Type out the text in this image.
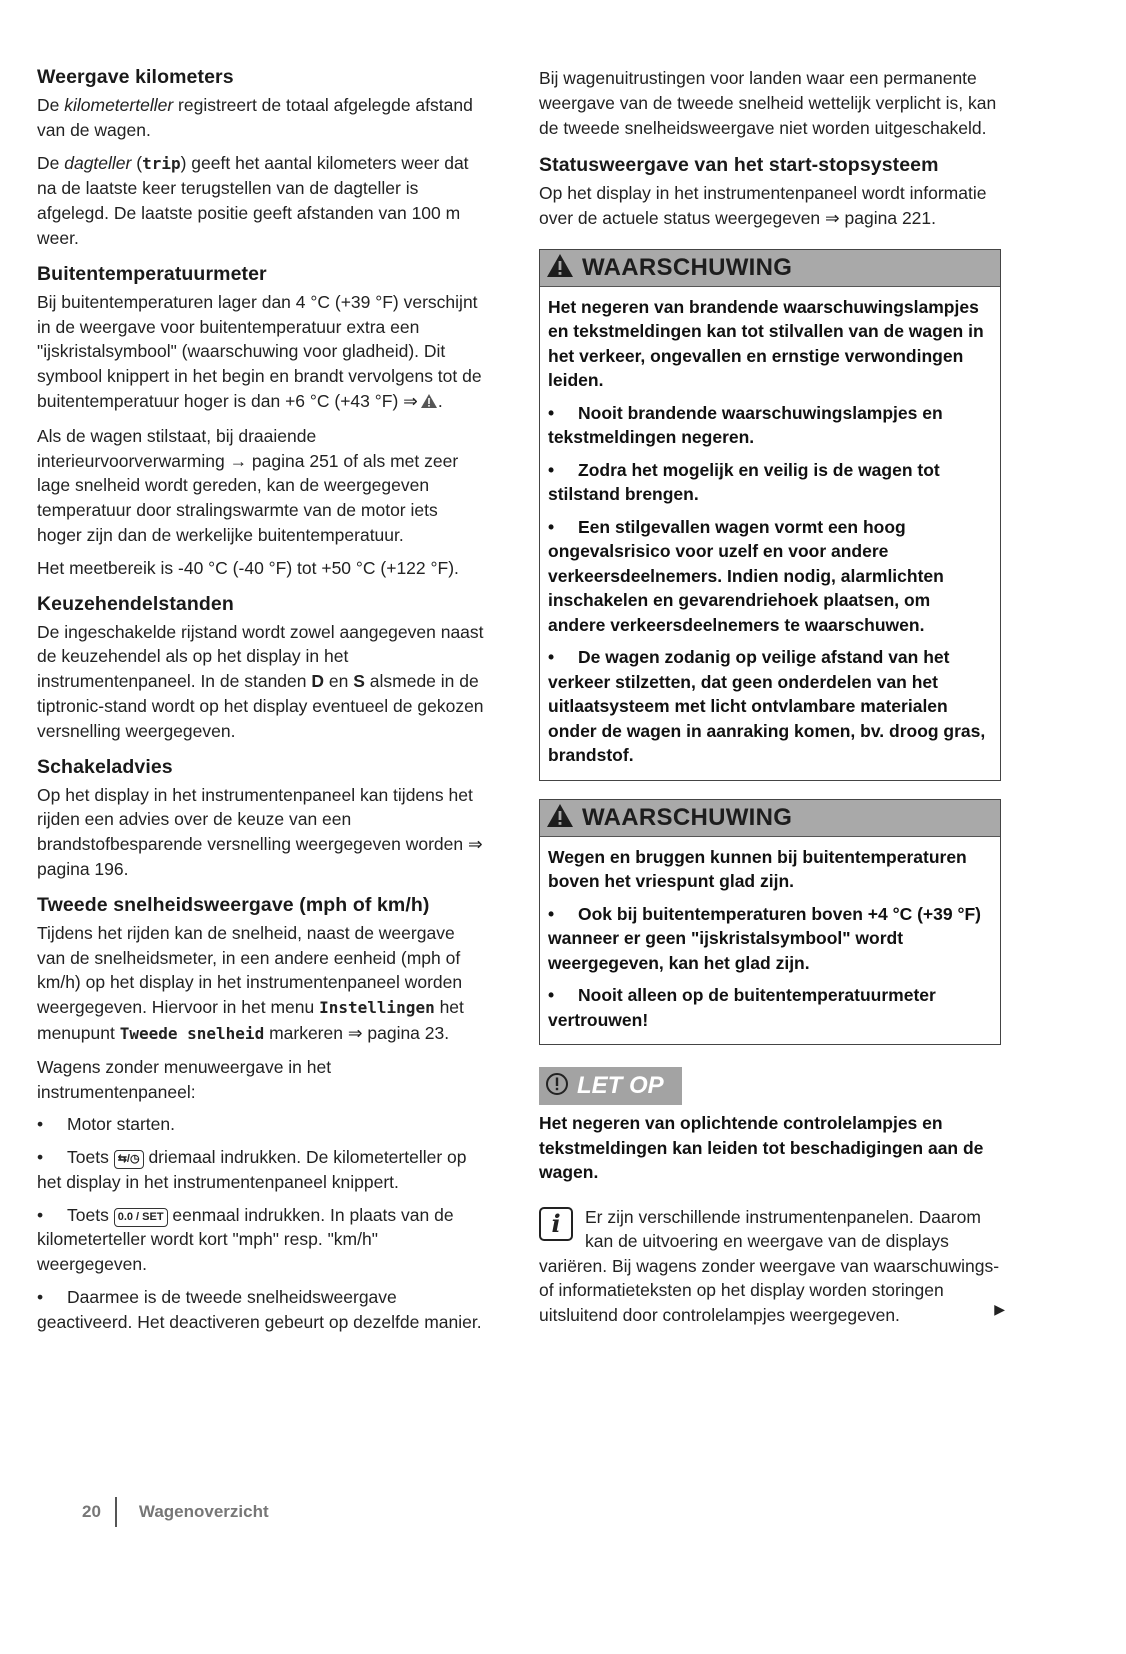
Weergave kilometers

De kilometerteller registreert de totaal afgelegde afstand van de wagen.

De dagteller (trip) geeft het aantal kilometers weer dat na de laatste keer terugstellen van de dagteller is afgelegd. De laatste positie geeft afstanden van 100 m weer.

Buitentemperatuurmeter

Bij buitentemperaturen lager dan 4 °C (+39 °F) verschijnt in de weergave voor buitentemperatuur extra een "ijskristalsymbool" (waarschuwing voor gladheid). Dit symbool knippert in het begin en brandt vervolgens tot de buitentemperatuur hoger is dan +6 °C (+43 °F) ⇒ .

Als de wagen stilstaat, bij draaiende interieurvoorverwarming → pagina 251 of als met zeer lage snelheid wordt gereden, kan de weergegeven temperatuur door stralingswarmte van de motor iets hoger zijn dan de werkelijke buitentemperatuur.

Het meetbereik is -40 °C (-40 °F) tot +50 °C (+122 °F).

Keuzehendelstanden

De ingeschakelde rijstand wordt zowel aangegeven naast de keuzehendel als op het display in het instrumentenpaneel. In de standen D en S alsmede in de tiptronic-stand wordt op het display eventueel de gekozen versnelling weergegeven.

Schakeladvies

Op het display in het instrumentenpaneel kan tijdens het rijden een advies over de keuze van een brandstofbesparende versnelling weergegeven worden ⇒ pagina 196.

Tweede snelheidsweergave (mph of km/h)

Tijdens het rijden kan de snelheid, naast de weergave van de snelheidsmeter, in een andere eenheid (mph of km/h) op het display in het instrumentenpaneel worden weergegeven. Hiervoor in het menu Instellingen het menupunt Tweede snelheid markeren ⇒ pagina 23.

Wagens zonder menuweergave in het instrumentenpaneel:

• Motor starten.

• Toets ⇆/◷ driemaal indrukken. De kilometerteller op het display in het instrumentenpaneel knippert.

• Toets 0.0 / SET eenmaal indrukken. In plaats van de kilometerteller wordt kort "mph" resp. "km/h" weergegeven.

• Daarmee is de tweede snelheidsweergave geactiveerd. Het deactiveren gebeurt op dezelfde manier.

Bij wagenuitrustingen voor landen waar een permanente weergave van de tweede snelheid wettelijk verplicht is, kan de tweede snelheidsweergave niet worden uitgeschakeld.

Statusweergave van het start-stopsysteem

Op het display in het instrumentenpaneel wordt informatie over de actuele status weergegeven ⇒ pagina 221.

WAARSCHUWING

Het negeren van brandende waarschuwingslampjes en tekstmeldingen kan tot stilvallen van de wagen in het verkeer, ongevallen en ernstige verwondingen leiden.

• Nooit brandende waarschuwingslampjes en tekstmeldingen negeren.

• Zodra het mogelijk en veilig is de wagen tot stilstand brengen.

• Een stilgevallen wagen vormt een hoog ongevalsrisico voor uzelf en voor andere verkeersdeelnemers. Indien nodig, alarmlichten inschakelen en gevarendriehoek plaatsen, om andere verkeersdeelnemers te waarschuwen.

• De wagen zodanig op veilige afstand van het verkeer stilzetten, dat geen onderdelen van het uitlaatsysteem met licht ontvlambare materialen onder de wagen in aanraking komen, bv. droog gras, brandstof.

WAARSCHUWING

Wegen en bruggen kunnen bij buitentemperaturen boven het vriespunt glad zijn.

• Ook bij buitentemperaturen boven +4 °C (+39 °F) wanneer er geen "ijskristalsymbool" wordt weergegeven, kan het glad zijn.

• Nooit alleen op de buitentemperatuurmeter vertrouwen!

LET OP
Het negeren van oplichtende controlelampjes en tekstmeldingen kan leiden tot beschadigingen aan de wagen.
i	Er zijn verschillende instrumentenpanelen. Daarom kan de uitvoering en weergave van de displays variëren. Bij wagens zonder weergave van waarschuwings- of informatieteksten op het display worden storingen uitsluitend door controlelampjes weergegeven.	▶
20 Wagenoverzicht
